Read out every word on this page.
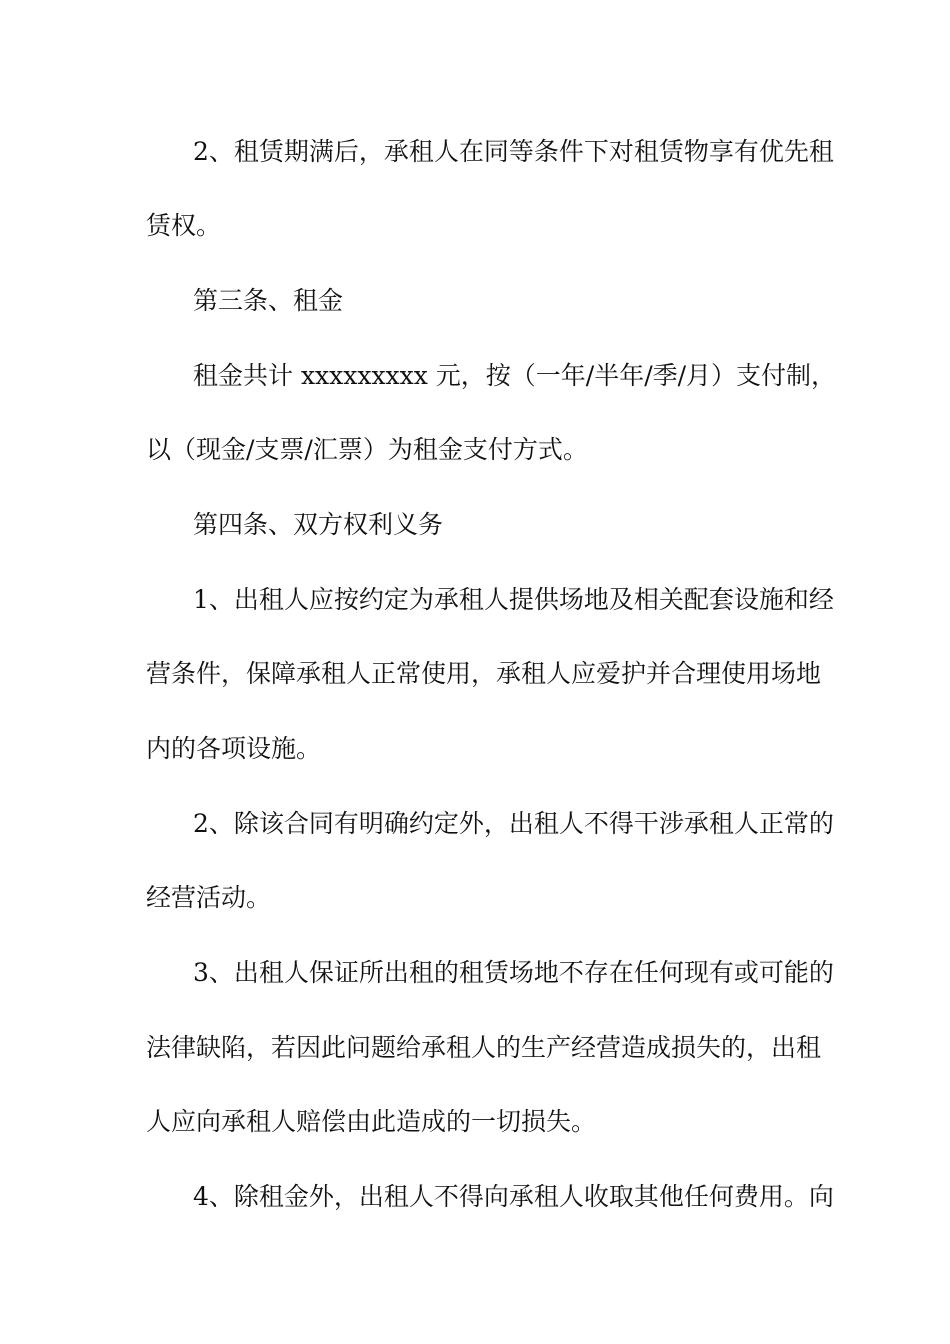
2、租赁期满后，承租人在同等条件下对租赁物享有优先租
赁权。
第三条、租金
租金共计 xxxxxxxxx 元，按（一年/半年/季/月）支付制，
以（现金/支票/汇票）为租金支付方式。
第四条、双方权利义务
1、出租人应按约定为承租人提供场地及相关配套设施和经
营条件，保障承租人正常使用，承租人应爱护并合理使用场地
内的各项设施。
2、除该合同有明确约定外，出租人不得干涉承租人正常的
经营活动。
3、出租人保证所出租的租赁场地不存在任何现有或可能的
法律缺陷，若因此问题给承租人的生产经营造成损失的，出租
人应向承租人赔偿由此造成的一切损失。
4、除租金外，出租人不得向承租人收取其他任何费用。向
